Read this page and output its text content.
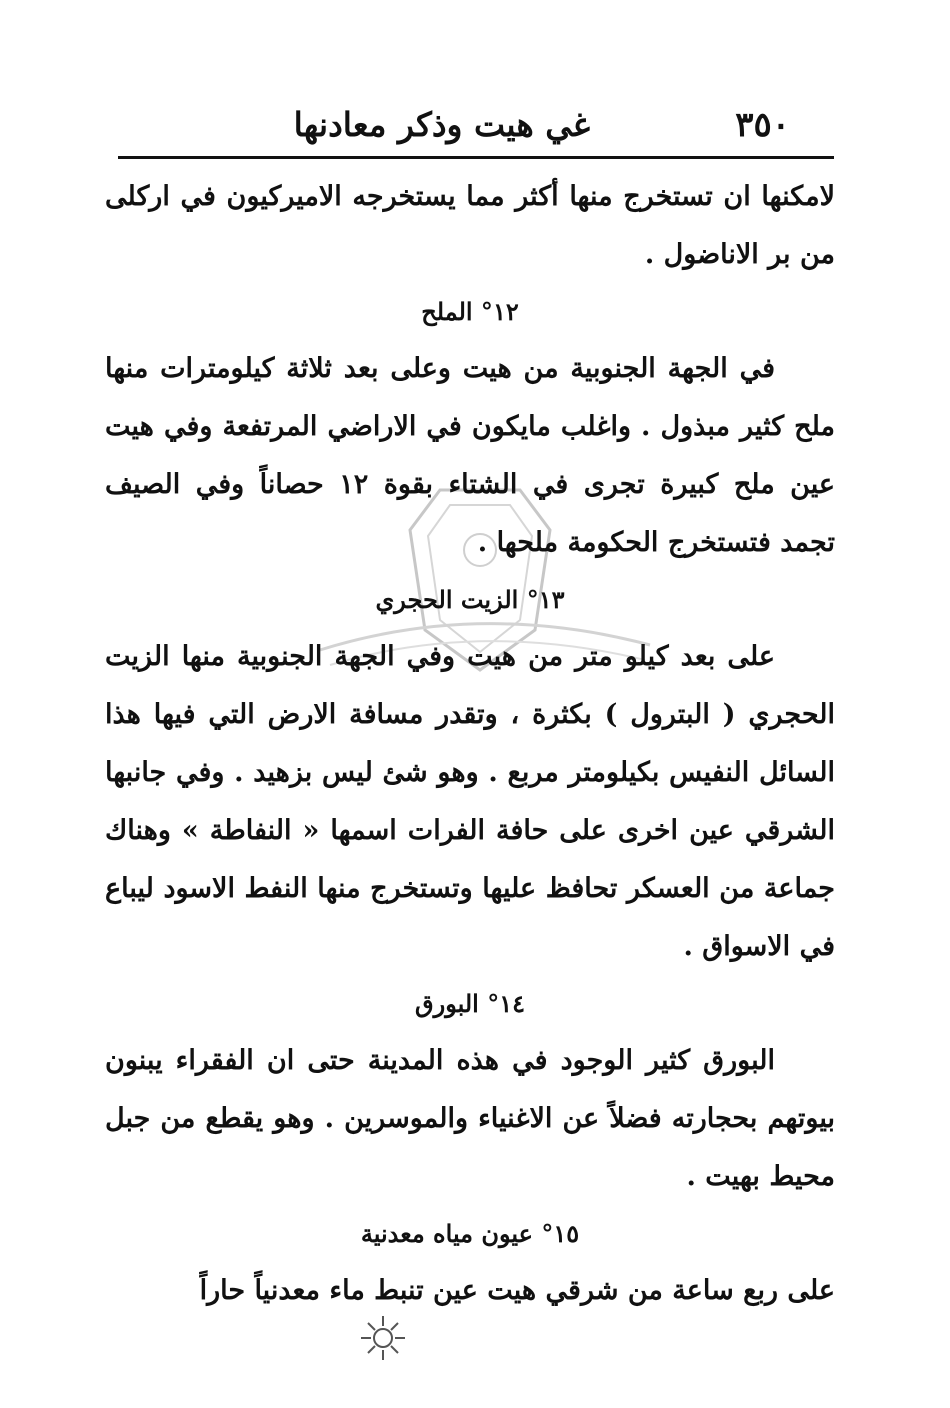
٣٥٠
غي هيت وذكر معادنها

لامكنها ان تستخرج منها أكثر مما يستخرجه الاميركيون في اركلى من بر الاناضول .

١٢° الملح

في الجهة الجنوبية من هيت وعلى بعد ثلاثة كيلومترات منها ملح كثير مبذول . واغلب مايكون في الاراضي المرتفعة وفي هيت عين ملح كبيرة تجرى في الشتاء بقوة ١٢ حصاناً وفي الصيف تجمد فتستخرج الحكومة ملحها .

١٣° الزيت الحجري

على بعد كيلو متر من هيت وفي الجهة الجنوبية منها الزيت الحجري ( البترول ) بكثرة ، وتقدر مسافة الارض التي فيها هذا السائل النفيس بكيلومتر مربع . وهو شئ ليس بزهيد . وفي جانبها الشرقي عين اخرى على حافة الفرات اسمها « النفاطة » وهناك جماعة من العسكر تحافظ عليها وتستخرج منها النفط الاسود ليباع في الاسواق .

١٤° البورق

البورق كثير الوجود في هذه المدينة حتى ان الفقراء يبنون بيوتهم بحجارته فضلاً عن الاغنياء والموسرين . وهو يقطع من جبل محيط بهيت .

١٥° عيون مياه معدنية

على ربع ساعة من شرقي هيت عين تنبط ماء معدنياً حاراً
